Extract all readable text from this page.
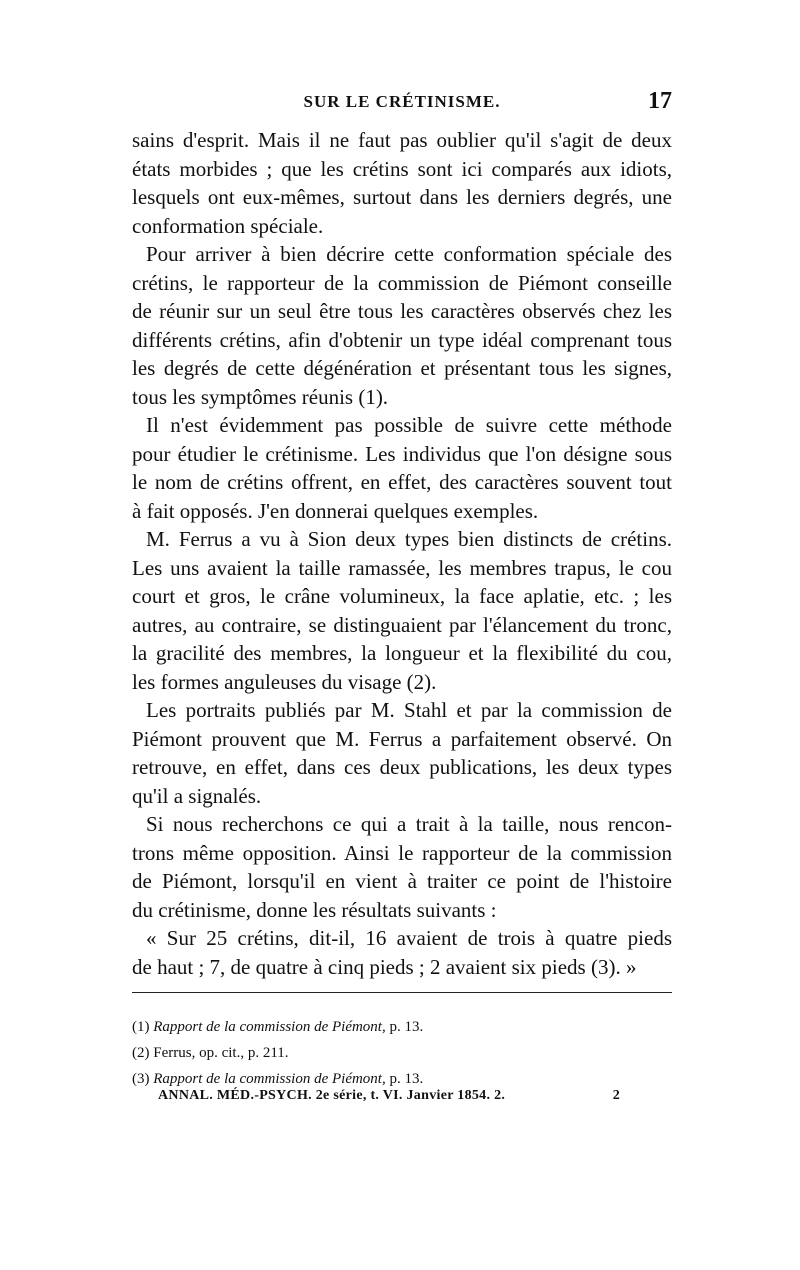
SUR LE CRÉTINISME.	17
sains d'esprit. Mais il ne faut pas oublier qu'il s'agit de deux
états morbides ; que les crétins sont ici comparés aux idiots,
lesquels ont eux-mêmes, surtout dans les derniers degrés, une
conformation spéciale.
Pour arriver à bien décrire cette conformation spéciale des
crétins, le rapporteur de la commission de Piémont conseille
de réunir sur un seul être tous les caractères observés chez les
différents crétins, afin d'obtenir un type idéal comprenant tous
les degrés de cette dégénération et présentant tous les signes,
tous les symptômes réunis (1).
Il n'est évidemment pas possible de suivre cette méthode
pour étudier le crétinisme. Les individus que l'on désigne sous
le nom de crétins offrent, en effet, des caractères souvent tout
à fait opposés. J'en donnerai quelques exemples.
M. Ferrus a vu à Sion deux types bien distincts de crétins.
Les uns avaient la taille ramassée, les membres trapus, le cou
court et gros, le crâne volumineux, la face aplatie, etc. ; les
autres, au contraire, se distinguaient par l'élancement du tronc,
la gracilité des membres, la longueur et la flexibilité du cou,
les formes anguleuses du visage (2).
Les portraits publiés par M. Stahl et par la commission de
Piémont prouvent que M. Ferrus a parfaitement observé. On
retrouve, en effet, dans ces deux publications, les deux types
qu'il a signalés.
Si nous recherchons ce qui a trait à la taille, nous rencon-
trons même opposition. Ainsi le rapporteur de la commission
de Piémont, lorsqu'il en vient à traiter ce point de l'histoire
du crétinisme, donne les résultats suivants :
« Sur 25 crétins, dit-il, 16 avaient de trois à quatre pieds
de haut ; 7, de quatre à cinq pieds ; 2 avaient six pieds (3). »
(1) Rapport de la commission de Piémont, p. 13.
(2) Ferrus, op. cit., p. 211.
(3) Rapport de la commission de Piémont, p. 13.
ANNAL. MÉD.-PSYCH. 2e série, t. VI. Janvier 1854. 2.	2
